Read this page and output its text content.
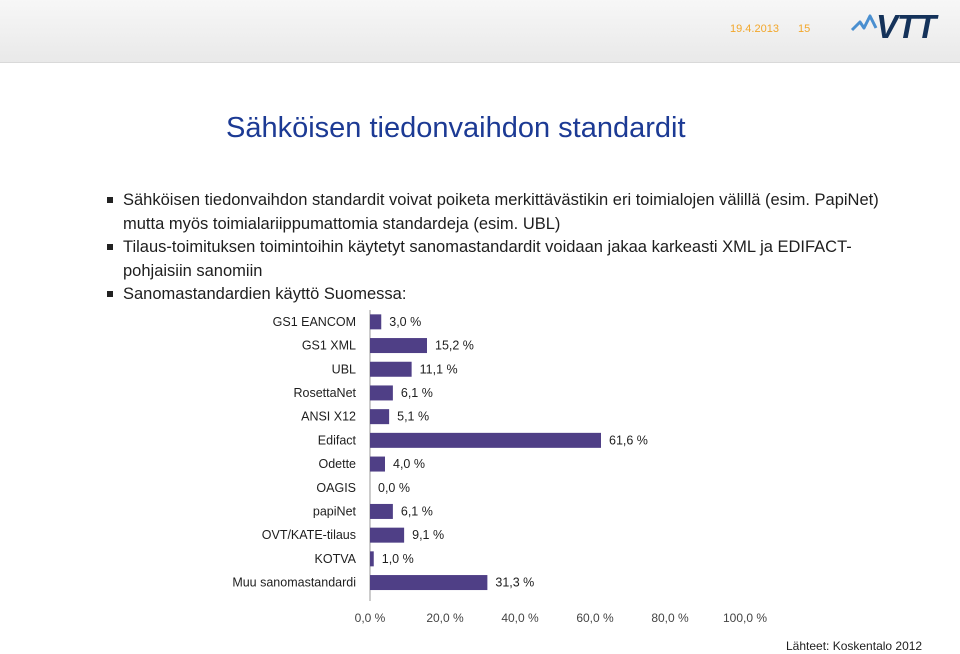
19.4.2013 15 VTT
Sähköisen tiedonvaihdon standardit
Sähköisen tiedonvaihdon standardit voivat poiketa merkittävästikin eri toimialojen välillä (esim. PapiNet) mutta myös toimialariippumattomia standardeja (esim. UBL)
Tilaus-toimituksen toimintoihin käytetyt sanomastandardit voidaan jakaa karkeasti XML ja EDIFACT-pohjaisiin sanomiin
Sanomastandardien käyttö Suomessa:
0,0 %	20,0 %	40,0 %	60,0 %	80,0 %	100,0 %
GS1 EANCOM	3,0 %
GS1 XML	15,2 %
UBL	11,1 %
RosettaNet	6,1 %
ANSI X12	5,1 %
Edifact	61,6 %
Odette	4,0 %
OAGIS 0,0 %
papiNet	6,1 %
OVT/KATE-tilaus	9,1 %
KOTVA 1,0 %
Muu sanomastandardi	31,3 %
Lähteet: Koskentalo 2012
